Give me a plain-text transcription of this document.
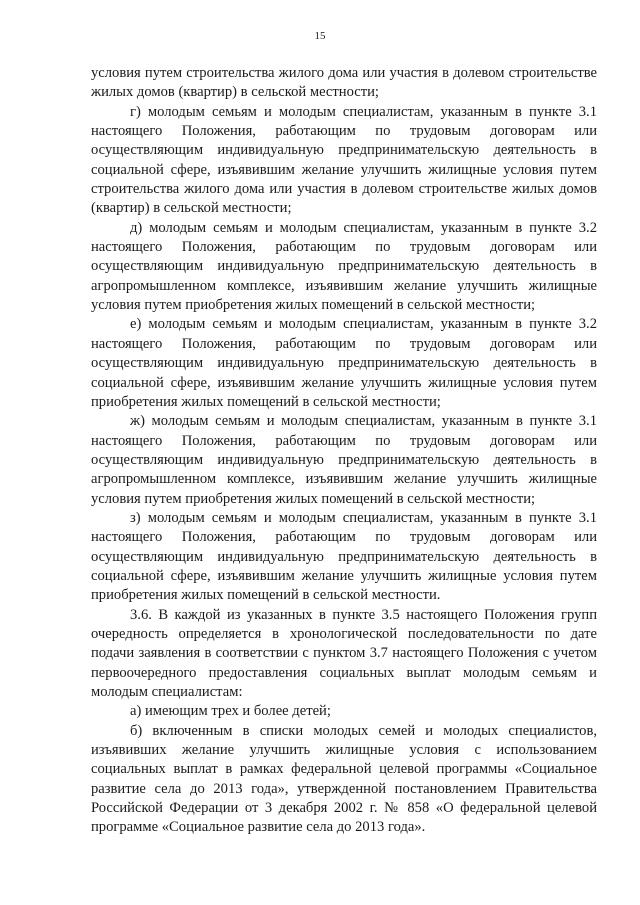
15

условия путем строительства жилого дома или участия в долевом строительстве жилых домов (квартир) в сельской местности;

г) молодым семьям и молодым специалистам, указанным в пункте 3.1 настоящего Положения, работающим по трудовым договорам или осуществляющим индивидуальную предпринимательскую деятельность в социальной сфере, изъявившим желание улучшить жилищные условия путем строительства жилого дома или участия в долевом строительстве жилых домов (квартир) в сельской местности;

д) молодым семьям и молодым специалистам, указанным в пункте 3.2 настоящего Положения, работающим по трудовым договорам или осуществляющим индивидуальную предпринимательскую деятельность в агропромышленном комплексе, изъявившим желание улучшить жилищные условия путем приобретения жилых помещений в сельской местности;

е) молодым семьям и молодым специалистам, указанным в пункте 3.2 настоящего Положения, работающим по трудовым договорам или осуществляющим индивидуальную предпринимательскую деятельность в социальной сфере, изъявившим желание улучшить жилищные условия путем приобретения жилых помещений в сельской местности;

ж) молодым семьям и молодым специалистам, указанным в пункте 3.1 настоящего Положения, работающим по трудовым договорам или осуществляющим индивидуальную предпринимательскую деятельность в агропромышленном комплексе, изъявившим желание улучшить жилищные условия путем приобретения жилых помещений в сельской местности;

з) молодым семьям и молодым специалистам, указанным в пункте 3.1 настоящего Положения, работающим по трудовым договорам или осуществляющим индивидуальную предпринимательскую деятельность в социальной сфере, изъявившим желание улучшить жилищные условия путем приобретения жилых помещений в сельской местности.

3.6. В каждой из указанных в пункте 3.5 настоящего Положения групп очередность определяется в хронологической последовательности по дате подачи заявления в соответствии с пунктом 3.7 настоящего Положения с учетом первоочередного предоставления социальных выплат молодым семьям и молодым специалистам:

а) имеющим трех и более детей;

б) включенным в списки молодых семей и молодых специалистов, изъявивших желание улучшить жилищные условия с использованием социальных выплат в рамках федеральной целевой программы «Социальное развитие села до 2013 года», утвержденной постановлением Правительства Российской Федерации от 3 декабря 2002 г. № 858 «О федеральной целевой программе «Социальное развитие села до 2013 года».
